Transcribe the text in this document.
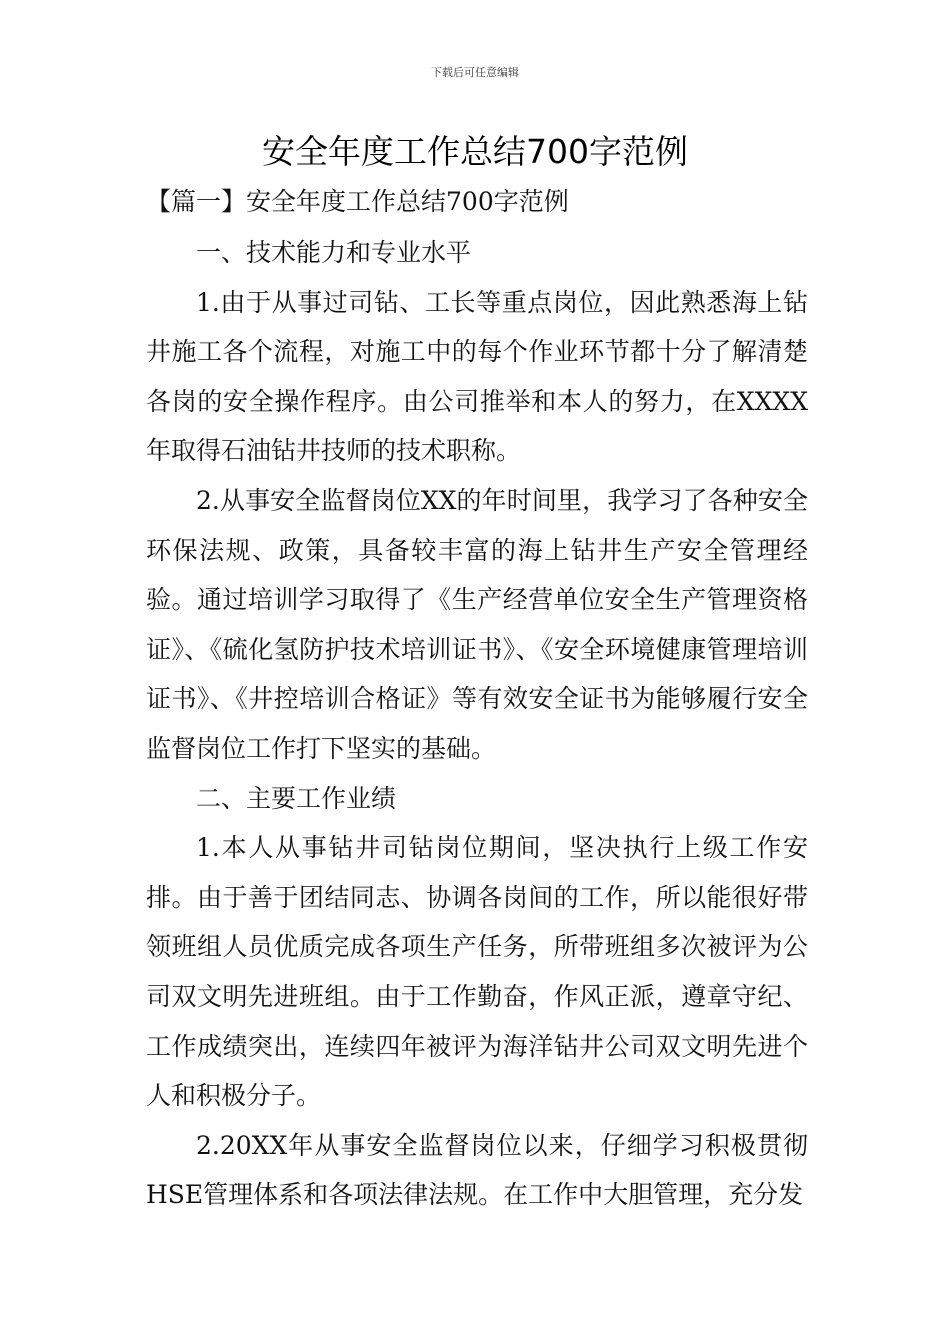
下载后可任意编辑
安全年度工作总结700字范例
【篇一】安全年度工作总结700字范例

一、技术能力和专业水平

1.由于从事过司钻、工长等重点岗位，因此熟悉海上钻井施工各个流程，对施工中的每个作业环节都十分了解清楚各岗的安全操作程序。由公司推举和本人的努力，在XXXX年取得石油钻井技师的技术职称。

2.从事安全监督岗位XX的年时间里，我学习了各种安全环保法规、政策，具备较丰富的海上钻井生产安全管理经验。通过培训学习取得了《生产经营单位安全生产管理资格证》、《硫化氢防护技术培训证书》、《安全环境健康管理培训证书》、《井控培训合格证》等有效安全证书为能够履行安全监督岗位工作打下坚实的基础。

二、主要工作业绩

1.本人从事钻井司钻岗位期间，坚决执行上级工作安排。由于善于团结同志、协调各岗间的工作，所以能很好带领班组人员优质完成各项生产任务，所带班组多次被评为公司双文明先进班组。由于工作勤奋，作风正派，遵章守纪、工作成绩突出，连续四年被评为海洋钻井公司双文明先进个人和积极分子。

2.20XX年从事安全监督岗位以来，仔细学习积极贯彻HSE管理体系和各项法律法规。在工作中大胆管理，充分发
